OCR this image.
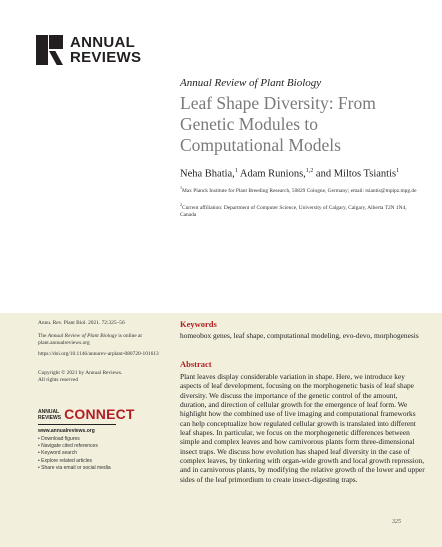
ANNUAL
REVIEWS
Annual Review of Plant Biology
Leaf Shape Diversity: From Genetic Modules to Computational Models
Neha Bhatia,$^1$ Adam Runions,$^{1,2}$ and Miltos Tsiantis$^1$
$^1$Max Planck Institute for Plant Breeding Research, 50829 Cologne, Germany; email: tsiantis@mpipz.mpg.de
$^2$Current affiliation: Department of Computer Science, University of Calgary, Calgary, Alberta T2N 1N4, Canada
Annu. Rev. Plant Biol. 2021. 72:325–56
The Annual Review of Plant Biology is online at plant.annualreviews.org
https://doi.org/10.1146/annurev-arplant-080720-101613
Copyright © 2021 by Annual Reviews.
All rights reserved
ANNUAL
REVIEWS CONNECT
www.annualreviews.org
• Download figures
• Navigate cited references
• Keyword search
• Explore related articles
• Share via email or social media
Keywords
homeobox genes, leaf shape, computational modeling, evo-devo, morphogenesis
Abstract
Plant leaves display considerable variation in shape. Here, we introduce key aspects of leaf development, focusing on the morphogenetic basis of leaf shape diversity. We discuss the importance of the genetic control of the amount, duration, and direction of cellular growth for the emergence of leaf form. We highlight how the combined use of live imaging and computational frameworks can help conceptualize how regulated cellular growth is translated into different leaf shapes. In particular, we focus on the morphogenetic differences between simple and complex leaves and how carnivorous plants form three-dimensional insect traps. We discuss how evolution has shaped leaf diversity in the case of complex leaves, by tinkering with organ-wide growth and local growth repression, and in carnivorous plants, by modifying the relative growth of the lower and upper sides of the leaf primordium to create insect-digesting traps.
325
